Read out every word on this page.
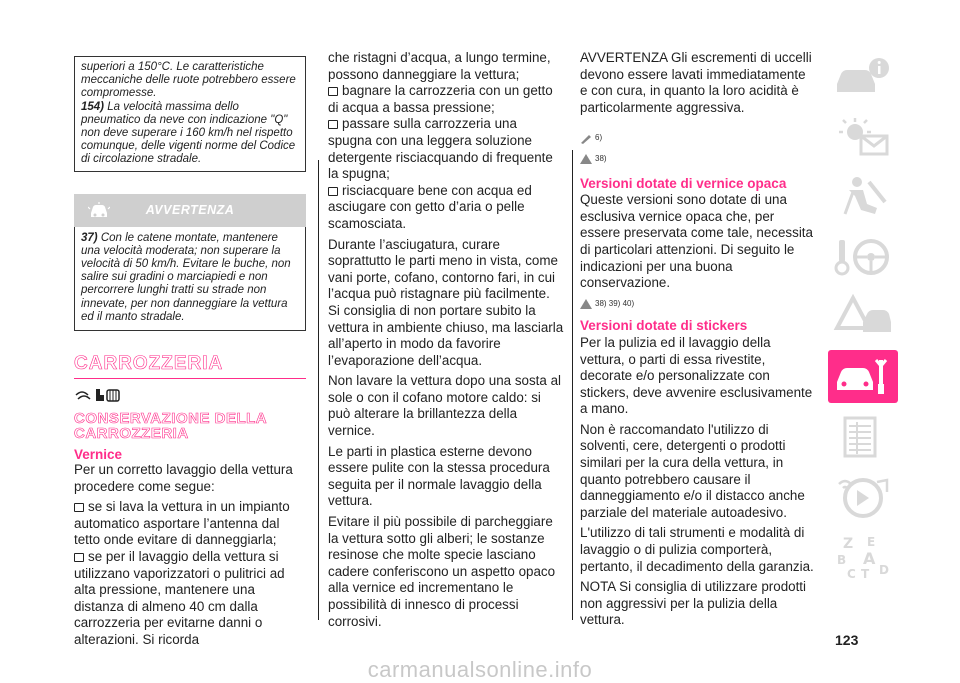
superiori a 150°C. Le caratteristiche meccaniche delle ruote potrebbero essere compromesse.

154) La velocità massima dello pneumatico da neve con indicazione "Q" non deve superare i 160 km/h nel rispetto comunque, delle vigenti norme del Codice di circolazione stradale.

AVVERTENZA
37) Con le catene montate, mantenere una velocità moderata; non superare la velocità di 50 km/h. Evitare le buche, non salire sui gradini o marciapiedi e non percorrere lunghi tratti su strade non innevate, per non danneggiare la vettura ed il manto stradale.
CARROZZERIA
CONSERVAZIONE DELLA CARROZZERIA
Vernice

Per un corretto lavaggio della vettura procedere come segue:

se si lava la vettura in un impianto automatico asportare l’antenna dal tetto onde evitare di danneggiarla;

se per il lavaggio della vettura si utilizzano vaporizzatori o pulitrici ad alta pressione, mantenere una distanza di almeno 40 cm dalla carrozzeria per evitarne danni o alterazioni. Si ricorda

che ristagni d’acqua, a lungo termine, possono danneggiare la vettura;

bagnare la carrozzeria con un getto di acqua a bassa pressione;

passare sulla carrozzeria una spugna con una leggera soluzione detergente risciacquando di frequente la spugna;

risciacquare bene con acqua ed asciugare con getto d’aria o pelle scamosciata.

Durante l’asciugatura, curare soprattutto le parti meno in vista, come vani porte, cofano, contorno fari, in cui l’acqua può ristagnare più facilmente. Si consiglia di non portare subito la vettura in ambiente chiuso, ma lasciarla all’aperto in modo da favorire l’evaporazione dell’acqua.

Non lavare la vettura dopo una sosta al sole o con il cofano motore caldo: si può alterare la brillantezza della vernice.

Le parti in plastica esterne devono essere pulite con la stessa procedura seguita per il normale lavaggio della vettura.

Evitare il più possibile di parcheggiare la vettura sotto gli alberi; le sostanze resinose che molte specie lasciano cadere conferiscono un aspetto opaco alla vernice ed incrementano le possibilità di innesco di processi corrosivi.

AVVERTENZA Gli escrementi di uccelli devono essere lavati immediatamente e con cura, in quanto la loro acidità è particolarmente aggressiva.

6)
38)
Versioni dotate di vernice opaca

Queste versioni sono dotate di una esclusiva vernice opaca che, per essere preservata come tale, necessita di particolari attenzioni. Di seguito le indicazioni per una buona conservazione.

38) 39) 40)
Versioni dotate di stickers

Per la pulizia ed il lavaggio della vettura, o parti di essa rivestite, decorate e/o personalizzate con stickers, deve avvenire esclusivamente a mano.

Non è raccomandato l'utilizzo di solventi, cere, detergenti o prodotti similari per la cura della vettura, in quanto potrebbero causare il danneggiamento e/o il distacco anche parziale del materiale autoadesivo.

L'utilizzo di tali strumenti e modalità di lavaggio o di pulizia comporterà, pertanto, il decadimento della garanzia.

NOTA Si consiglia di utilizzare prodotti non aggressivi per la pulizia della vettura.

Z E
B A
C T D
123
carmanualsonline.info
